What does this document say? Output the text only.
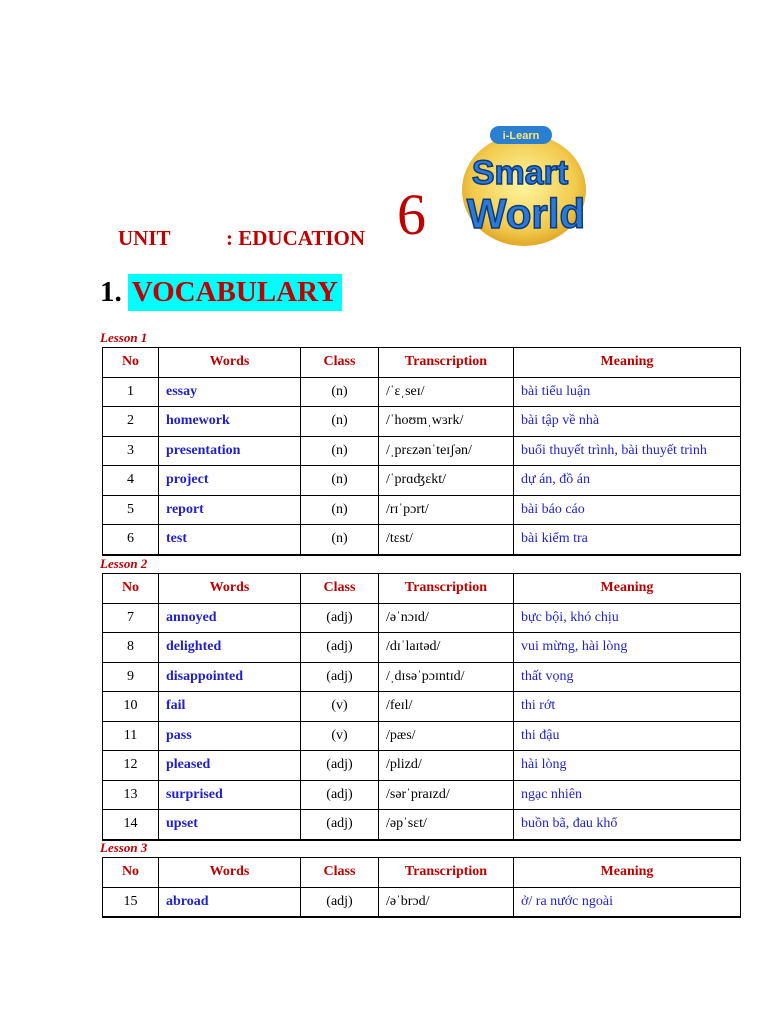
i-Learn
Smart
World
UNIT	: EDUCATION 6
1. VOCABULARY
Lesson 1
No	Words	Class	Transcription	Meaning
1	essay	(n)	/ˈɛˌseɪ/	bài tiểu luận
2	homework	(n)	/ˈhoʊmˌwɜrk/	bài tập về nhà
3	presentation	(n)	/ˌprɛzənˈteɪʃən/	buổi thuyết trình, bài thuyết trình
4	project	(n)	/ˈprɑʤɛkt/	dự án, đồ án
5	report	(n)	/rɪˈpɔrt/	bài báo cáo
6	test	(n)	/tɛst/	bài kiểm tra
Lesson 2
No	Words	Class	Transcription	Meaning
7	annoyed	(adj)	/əˈnɔɪd/	bực bội, khó chịu
8	delighted	(adj)	/dɪˈlaɪtəd/	vui mừng, hài lòng
9	disappointed	(adj)	/ˌdɪsəˈpɔɪntɪd/	thất vọng
10	fail	(v)	/feɪl/	thi rớt
11	pass	(v)	/pæs/	thi đậu
12	pleased	(adj)	/plizd/	hài lòng
13	surprised	(adj)	/sərˈpraɪzd/	ngạc nhiên
14	upset	(adj)	/əpˈsɛt/	buồn bã, đau khổ
Lesson 3
No	Words	Class	Transcription	Meaning
15	abroad	(adj)	/əˈbrɔd/	ở/ ra nước ngoài
